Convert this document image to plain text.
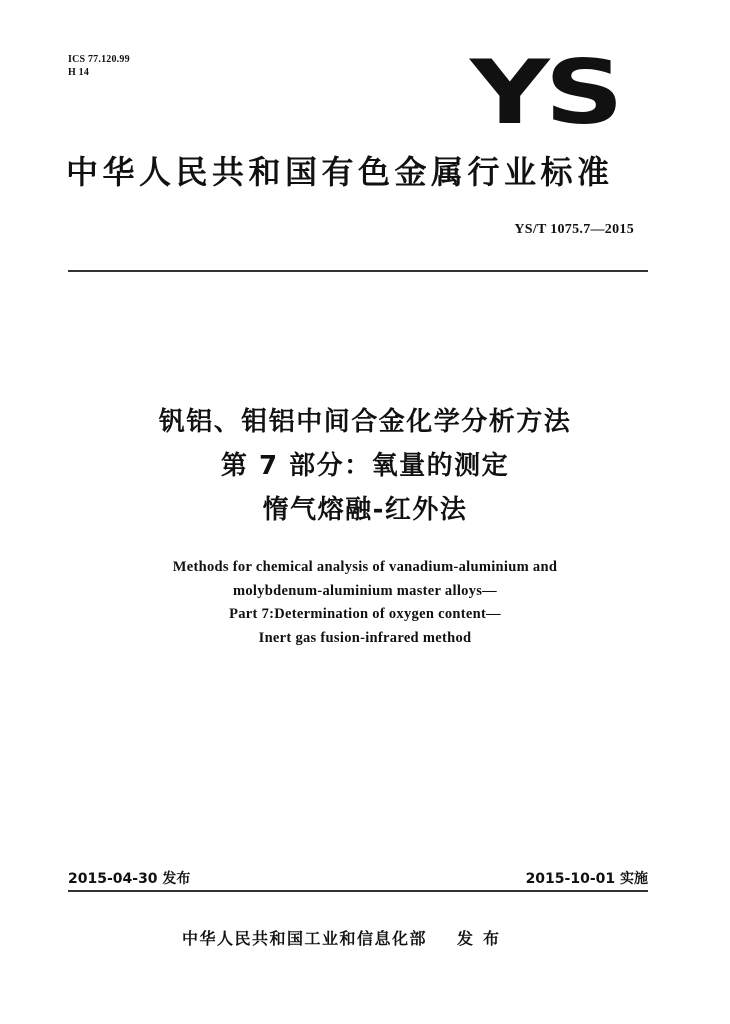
ICS 77.120.99
H 14	YS
中华人民共和国有色金属行业标准
YS/T 1075.7—2015
钒铝、钼铝中间合金化学分析方法
第 7 部分：氧量的测定
惰气熔融-红外法
Methods for chemical analysis of vanadium-aluminium and
molybdenum-aluminium master alloys—
Part 7:Determination of oxygen content—
Inert gas fusion-infrared method
2015-04-30 发布	2015-10-01 实施
中华人民共和国工业和信息化部 发布
